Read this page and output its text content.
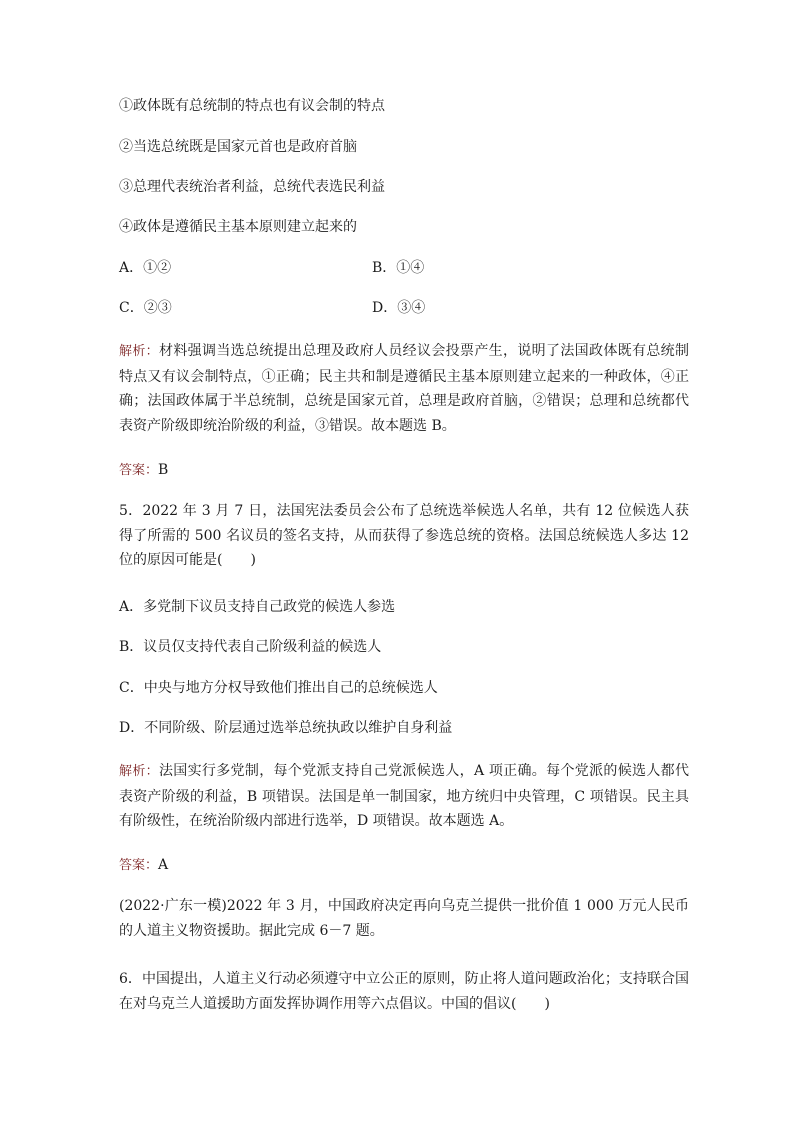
①政体既有总统制的特点也有议会制的特点
②当选总统既是国家元首也是政府首脑
③总理代表统治者利益，总统代表选民利益
④政体是遵循民主基本原则建立起来的
A．①②	B．①④
C．②③	D．③④
解析：材料强调当选总统提出总理及政府人员经议会投票产生，说明了法国政体既有总统制特点又有议会制特点，①正确；民主共和制是遵循民主基本原则建立起来的一种政体，④正确；法国政体属于半总统制，总统是国家元首，总理是政府首脑，②错误；总理和总统都代表资产阶级即统治阶级的利益，③错误。故本题选 B。
答案：B
5．2022 年 3 月 7 日，法国宪法委员会公布了总统选举候选人名单，共有 12 位候选人获得了所需的 500 名议员的签名支持，从而获得了参选总统的资格。法国总统候选人多达 12 位的原因可能是(　　)
A．多党制下议员支持自己政党的候选人参选
B．议员仅支持代表自己阶级利益的候选人
C．中央与地方分权导致他们推出自己的总统候选人
D．不同阶级、阶层通过选举总统执政以维护自身利益
解析：法国实行多党制，每个党派支持自己党派候选人，A 项正确。每个党派的候选人都代表资产阶级的利益，B 项错误。法国是单一制国家，地方统归中央管理，C 项错误。民主具有阶级性，在统治阶级内部进行选举，D 项错误。故本题选 A。
答案：A
(2022·广东一模)2022 年 3 月，中国政府决定再向乌克兰提供一批价值 1 000 万元人民币的人道主义物资援助。据此完成 6－7 题。
6．中国提出，人道主义行动必须遵守中立公正的原则，防止将人道问题政治化；支持联合国在对乌克兰人道援助方面发挥协调作用等六点倡议。中国的倡议(　　)
